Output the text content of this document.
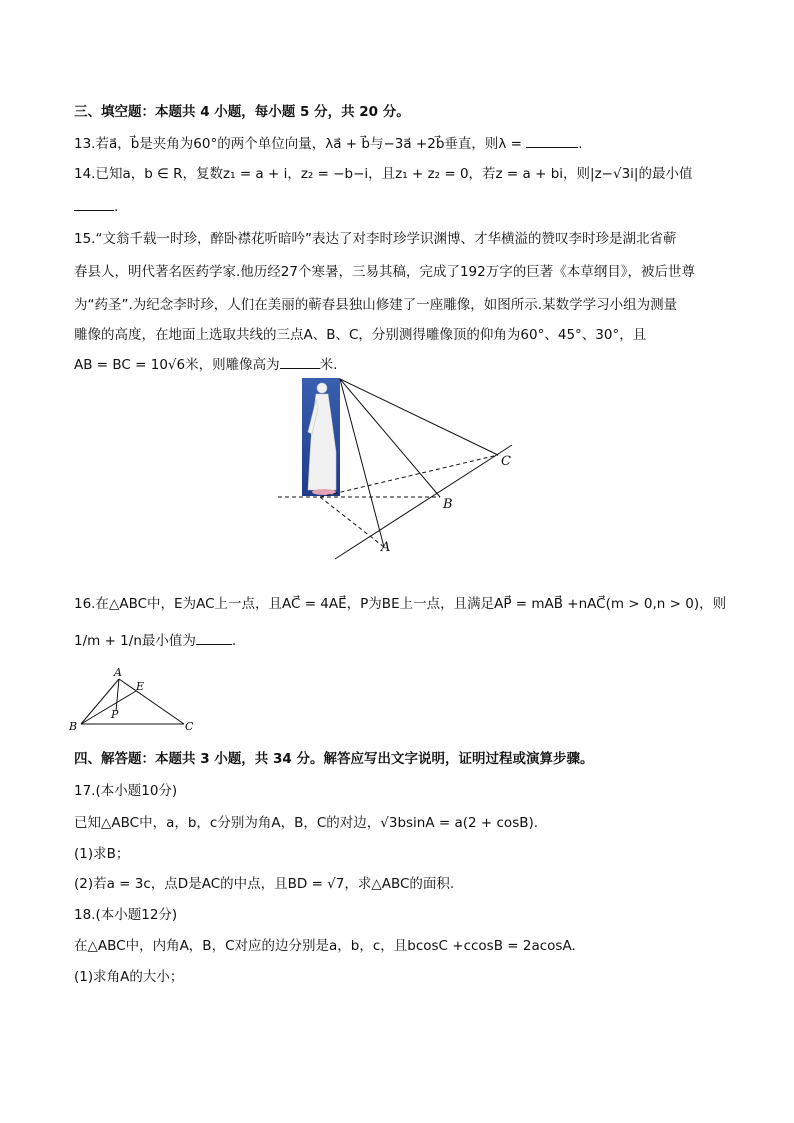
三、填空题：本题共 4 小题，每小题 5 分，共 20 分。
13.若a⃗，b⃗是夹角为60°的两个单位向量，λa⃗ + b⃗与−3a⃗ +2b⃗垂直，则λ =	.
14.已知a，b ∈ R，复数z₁ = a + i，z₂ = −b−i，且z₁ + z₂ = 0，若z = a + bi，则|z−√3i|的最小值
.
15.“文翁千载一时珍，醉卧襟花听暗吟”表达了对李时珍学识渊博、才华横溢的赞叹李时珍是湖北省蕲
春县人，明代著名医药学家.他历经27个寒暑，三易其稿，完成了192万字的巨著《本草纲目》，被后世尊
为“药圣”.为纪念李时珍，人们在美丽的蕲春县独山修建了一座雕像，如图所示.某数学学习小组为测量
雕像的高度，在地面上选取共线的三点A、B、C，分别测得雕像顶的仰角为60°、45°、30°，且
AB = BC = 10√6米，则雕像高为	米.
A
B
C
16.在△ABC中，E为AC上一点，且AC⃗ = 4AE⃗，P为BE上一点，且满足AP⃗ = mAB⃗ +nAC⃗(m > 0,n > 0)，则
1/m + 1/n最小值为	.
A
E
P
B	C
四、解答题：本题共 3 小题，共 34 分。解答应写出文字说明，证明过程或演算步骤。
17.(本小题10分)
已知△ABC中，a，b，c分别为角A，B，C的对边，√3bsinA = a(2 + cosB).
(1)求B；
(2)若a = 3c，点D是AC的中点，且BD = √7，求△ABC的面积.
18.(本小题12分)
在△ABC中，内角A，B，C对应的边分别是a，b，c，且bcosC +ccosB = 2acosA.
(1)求角A的大小；
